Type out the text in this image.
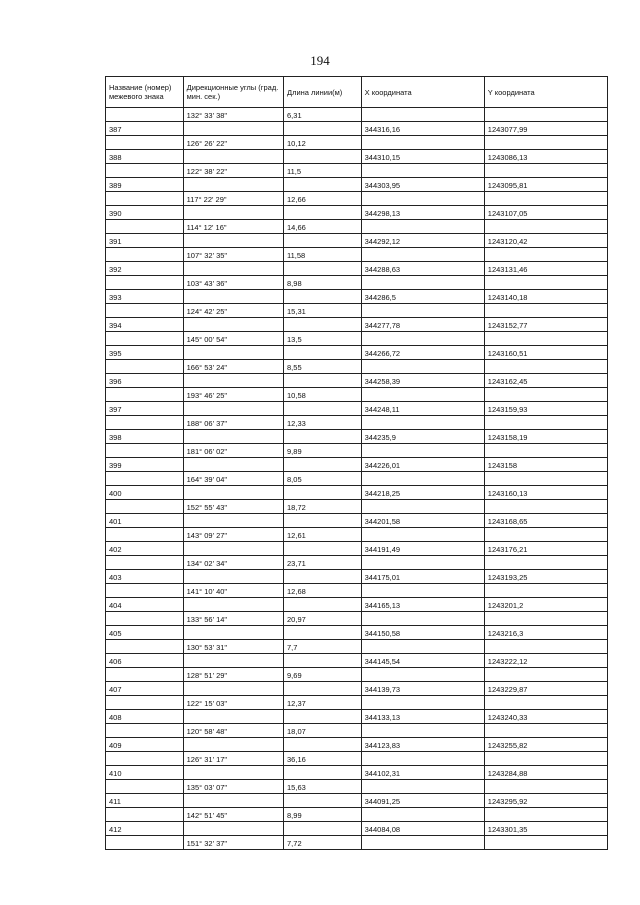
194
Название (номер) межевого знака	Дирекционные углы (град. мин. сек.)	Длина линии(м)	X координата	Y координата
	132° 33' 38"	6,31		
387			344316,16	1243077,99
	126° 26' 22"	10,12		
388			344310,15	1243086,13
	122° 38' 22"	11,5		
389			344303,95	1243095,81
	117° 22' 29"	12,66		
390			344298,13	1243107,05
	114° 12' 16"	14,66		
391			344292,12	1243120,42
	107° 32' 35"	11,58		
392			344288,63	1243131,46
	103° 43' 36"	8,98		
393			344286,5	1243140,18
	124° 42' 25"	15,31		
394			344277,78	1243152,77
	145° 00' 54"	13,5		
395			344266,72	1243160,51
	166° 53' 24"	8,55		
396			344258,39	1243162,45
	193° 46' 25"	10,58		
397			344248,11	1243159,93
	188° 06' 37"	12,33		
398			344235,9	1243158,19
	181° 06' 02"	9,89		
399			344226,01	1243158
	164° 39' 04"	8,05		
400			344218,25	1243160,13
	152° 55' 43"	18,72		
401			344201,58	1243168,65
	143° 09' 27"	12,61		
402			344191,49	1243176,21
	134° 02' 34"	23,71		
403			344175,01	1243193,25
	141° 10' 40"	12,68		
404			344165,13	1243201,2
	133° 56' 14"	20,97		
405			344150,58	1243216,3
	130° 53' 31"	7,7		
406			344145,54	1243222,12
	128° 51' 29"	9,69		
407			344139,73	1243229,87
	122° 15' 03"	12,37		
408			344133,13	1243240,33
	120° 58' 48"	18,07		
409			344123,83	1243255,82
	126° 31' 17"	36,16		
410			344102,31	1243284,88
	135° 03' 07"	15,63		
411			344091,25	1243295,92
	142° 51' 45"	8,99		
412			344084,08	1243301,35
	151° 32' 37"	7,72		
